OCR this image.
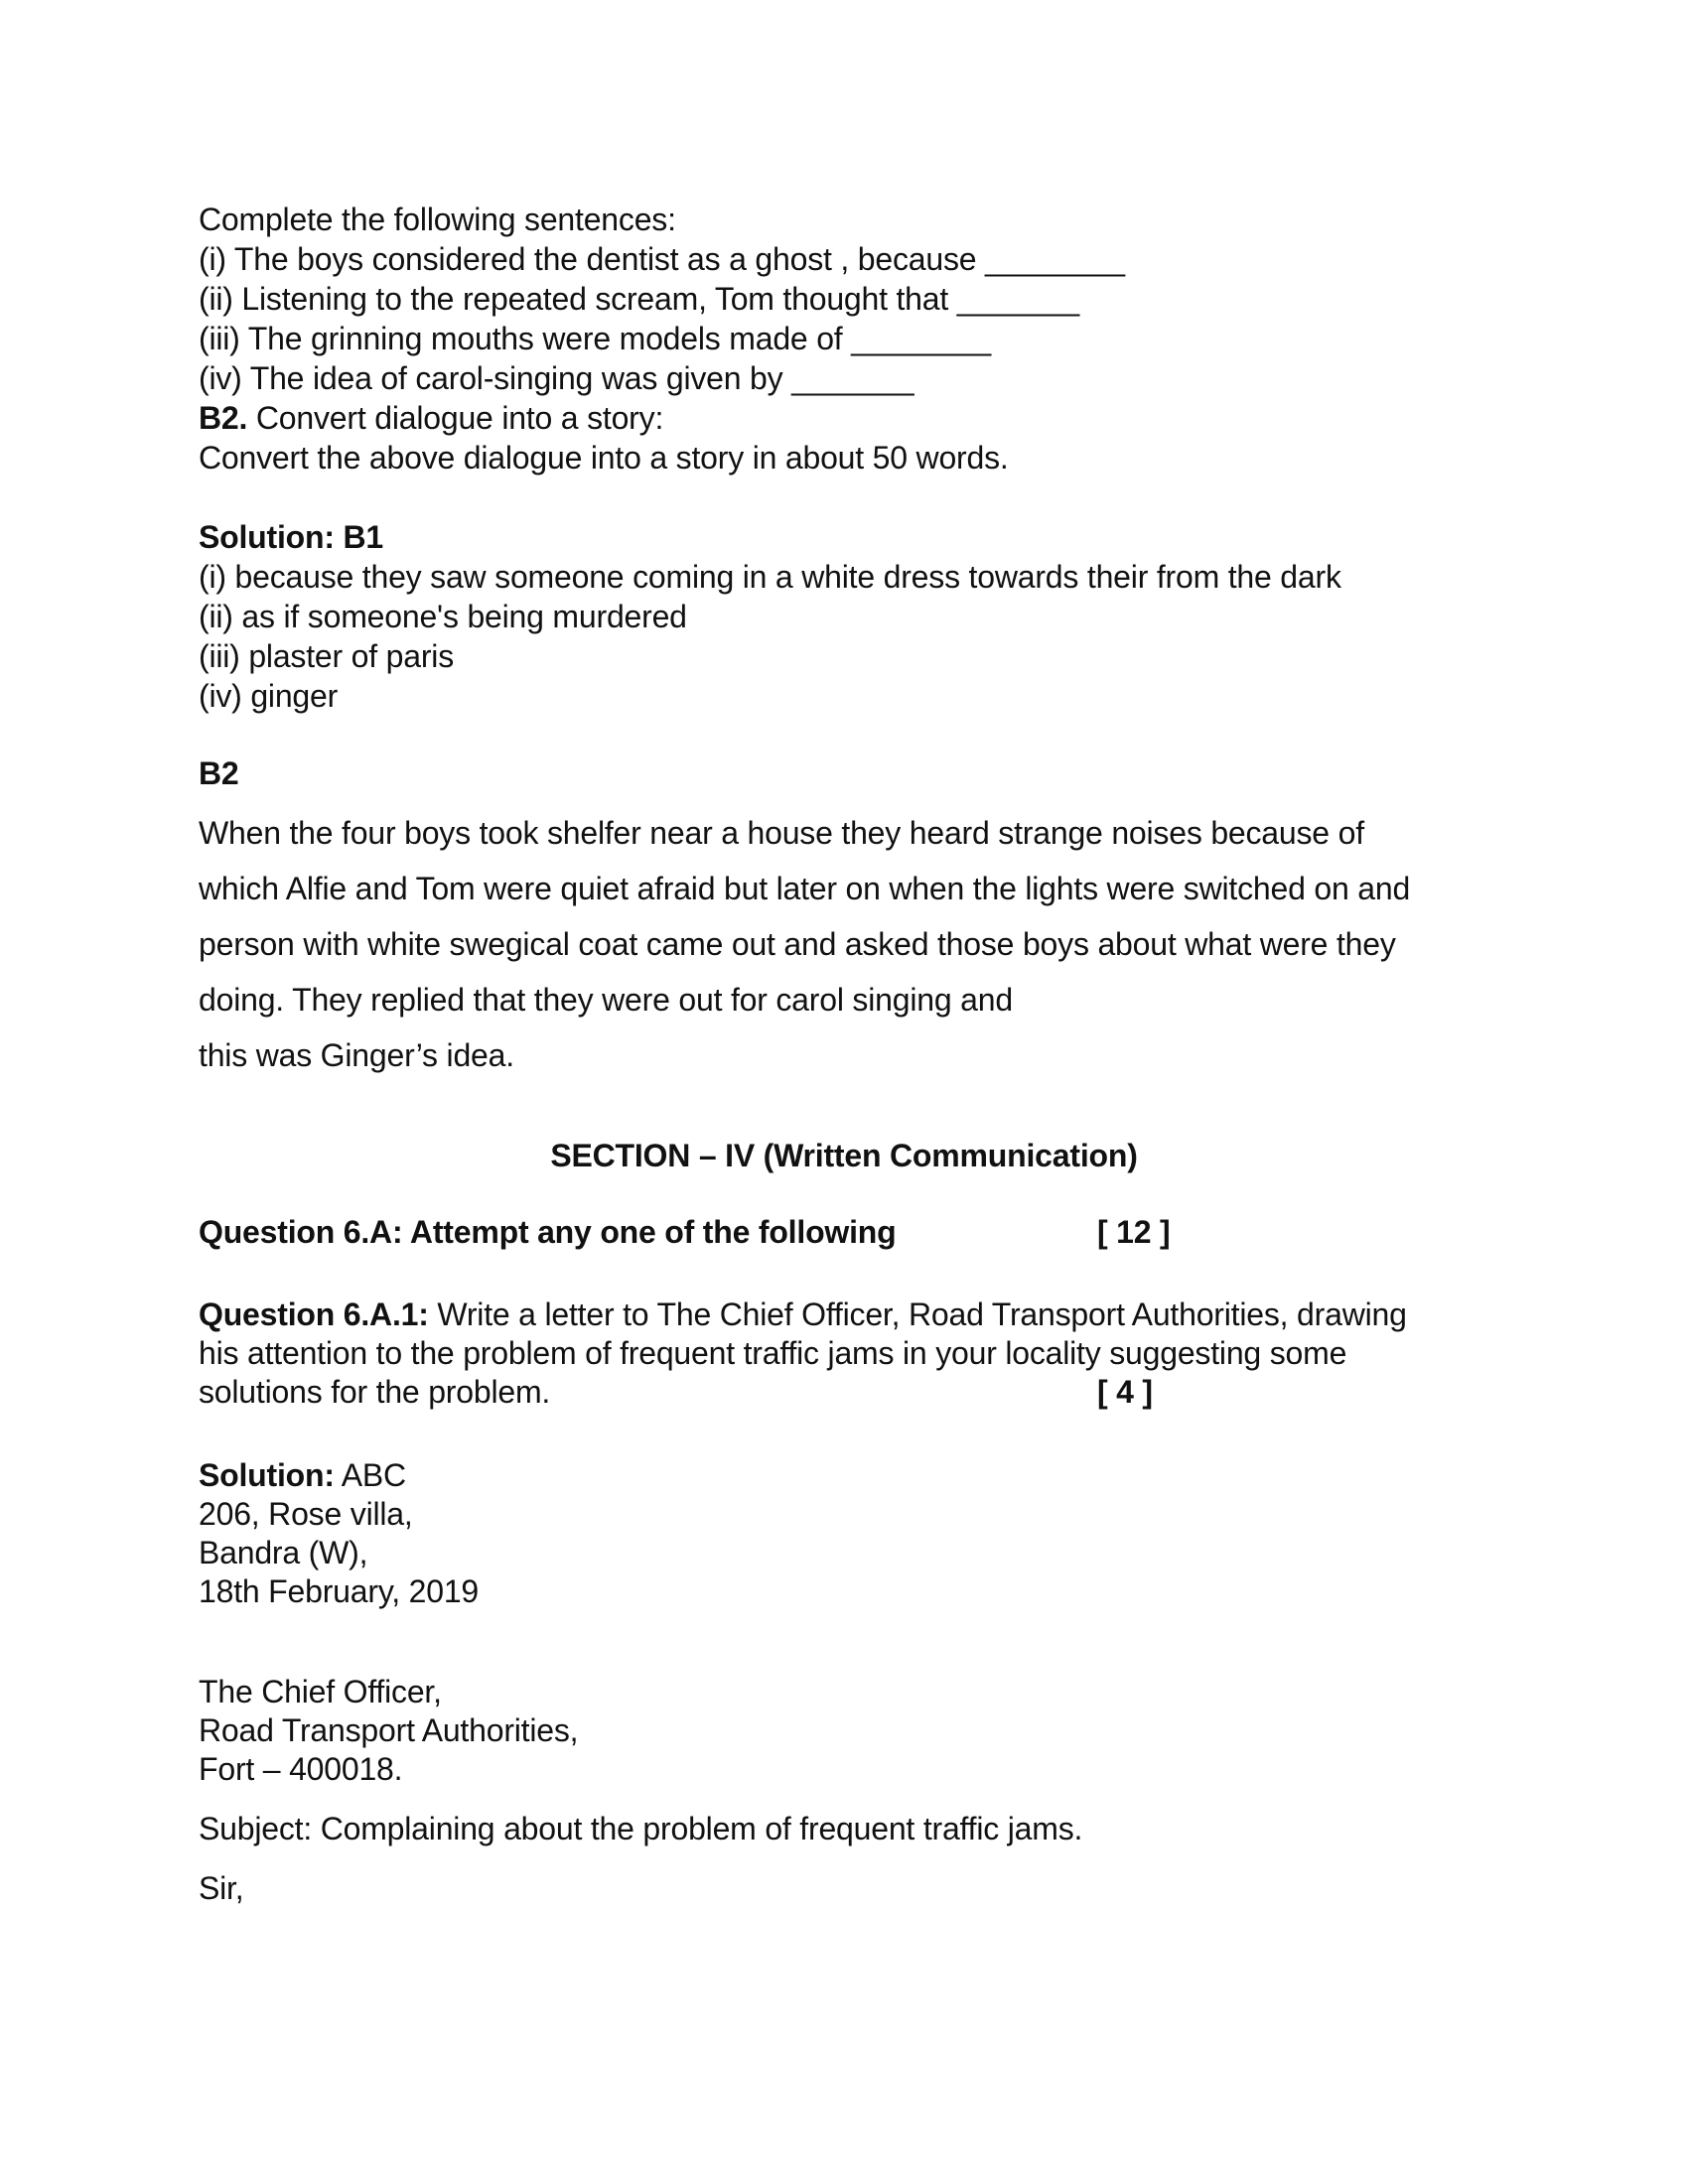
Complete the following sentences:
(i) The boys considered the dentist as a ghost , because ________
(ii) Listening to the repeated scream, Tom thought that _______
(iii) The grinning mouths were models made of ________
(iv) The idea of carol-singing was given by _______
B2. Convert dialogue into a story:
Convert the above dialogue into a story in about 50 words.
Solution: B1
(i) because they saw someone coming in a white dress towards their from the dark
(ii) as if someone's being murdered
(iii) plaster of paris
(iv) ginger
B2
When the four boys took shelfer near a house they heard strange noises because of
which Alfie and Tom were quiet afraid but later on when the lights were switched on and
person with white swegical coat came out and asked those boys about what were they
doing. They replied that they were out for carol singing and
this was Ginger’s idea.
SECTION – IV (Written Communication)
Question 6.A: Attempt any one of the following	[ 12 ]
Question 6.A.1: Write a letter to The Chief Officer, Road Transport Authorities, drawing
his attention to the problem of frequent traffic jams in your locality suggesting some
solutions for the problem.	[ 4 ]
Solution: ABC
206, Rose villa,
Bandra (W),
18th February, 2019
The Chief Officer,
Road Transport Authorities,
Fort – 400018.
Subject: Complaining about the problem of frequent traffic jams.
Sir,
